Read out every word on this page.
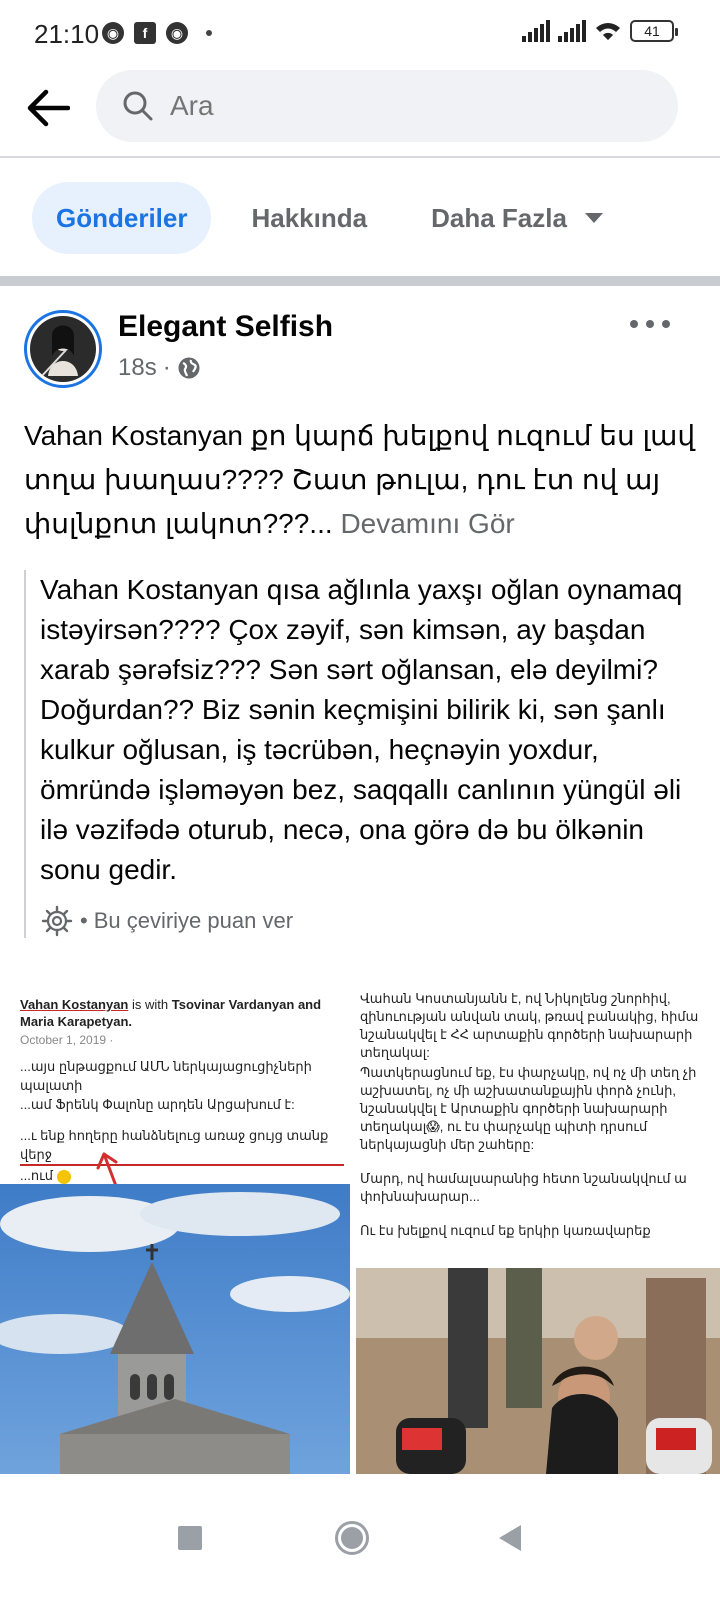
21:10 ◉	f	◉	41
Ara
Gönderiler Hakkında Daha Fazla
Elegant Selfish
18s ·
Vahan Kostanyan քո կարճ խելքով ուզում ես լավ տղա խաղաս???? Շատ թուլա, դու էտ ով այ փսլնքոտ լակոտ???... Devamını Gör
Vahan Kostanyan qısa ağlınla yaxşı oğlan oynamaq istəyirsən???? Çox zəyif, sən kimsən, ay başdan xarab şərəfsiz??? Sən sərt oğlansan, elə deyilmi? Doğurdan?? Biz sənin keçmişini bilirik ki, sən şanlı kulkur oğlusan, iş təcrübən, heçnəyin yoxdur, ömründə işləməyən bez, saqqallı canlının yüngül əli ilə vəzifədə oturub, necə, ona görə də bu ölkənin sonu gedir.
• Bu çeviriye puan ver
Vahan Kostanyan is with Tsovinar Vardanyan and
Maria Karapetyan.
October 1, 2019 ·
...այս ընթացքում ԱՄՆ ներկայացուցիչների պալատի
...ամ Ֆրենկ Փալոնը արդեն Արցախում է:
...ւ ենք հողերը հանձնելուց առաջ ցույց տանք վերջ
...ում

Վահան Կոստանյանն է, ով Նիկոլենց շնորհիվ, զինուության անվան տակ, թռավ բանակից, հիմա նշանակվել է ՀՀ արտաքին գործերի նախարարի տեղակալ:

Պատկերացնում եք, էս փարչակը, ով ոչ մի տեղ չի աշխատել, ոչ մի աշխատանքային փորձ չունի, նշանակվել է Արտաքին գործերի նախարարի տեղակալ😱, ու էս փարչակը պիտի դրսում ներկայացնի մեր շահերը:

Մարդ, ով համալսարանից հետո նշանակվում ա փոխնախարար...

Ու էս խելքով ուզում եք երկիր կառավարեք
